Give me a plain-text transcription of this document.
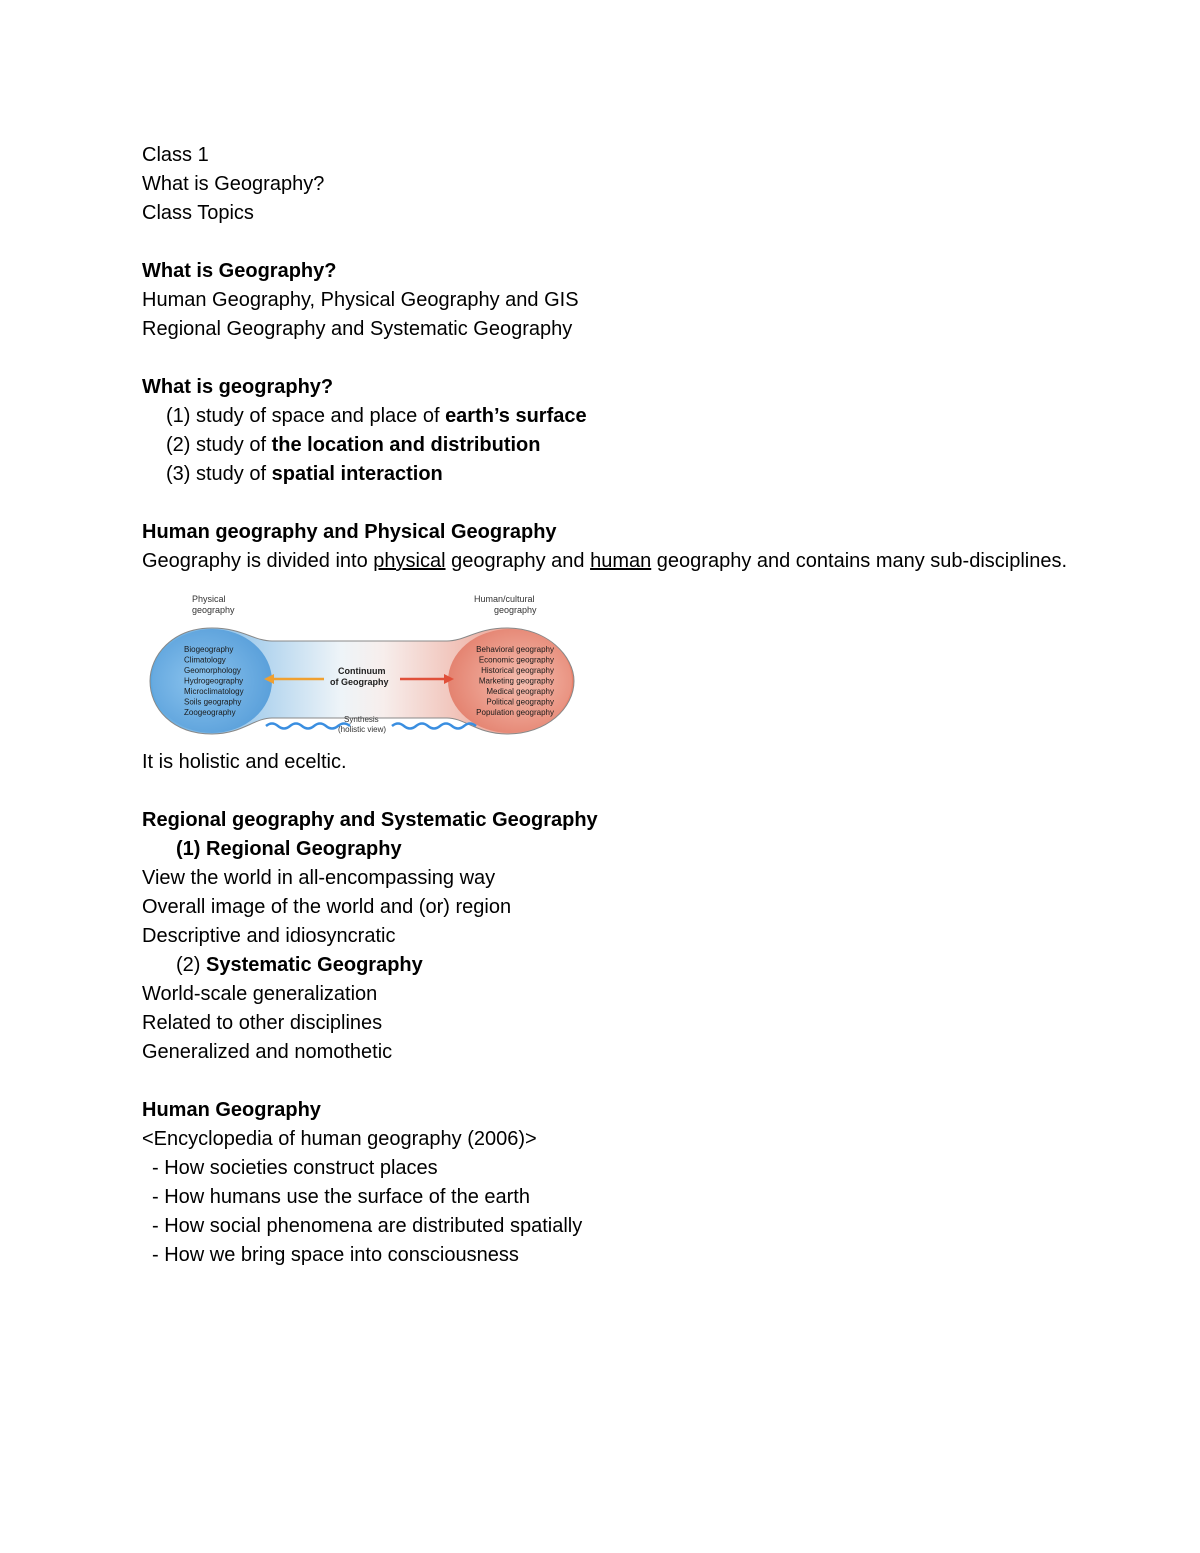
Class 1
What is Geography?
Class Topics
What is Geography?
Human Geography, Physical Geography and GIS
Regional Geography and Systematic Geography
What is geography?
(1) study of space and place of earth’s surface
(2) study of the location and distribution
(3) study of spatial interaction
Human geography and Physical Geography
Geography is divided into physical geography and human geography and contains many sub-disciplines.
Physical
geography
Human/cultural
geography
Biogeography
Climatology
Geomorphology
Hydrogeography
Microclimatology
Soils geography
Zoogeography
Behavioral geography
Economic geography
Historical geography
Marketing geography
Medical geography
Political geography
Population geography
Continuum
of Geography
Synthesis
(holistic view)
It is holistic and eceltic.
Regional geography and Systematic Geography
(1) Regional Geography
View the world in all-encompassing way
Overall image of the world and (or) region
Descriptive and idiosyncratic
(2) Systematic Geography
World-scale generalization
Related to other disciplines
Generalized and nomothetic
Human Geography
<Encyclopedia of human geography (2006)>
- How societies construct places
- How humans use the surface of the earth
- How social phenomena are distributed spatially
- How we bring space into consciousness
